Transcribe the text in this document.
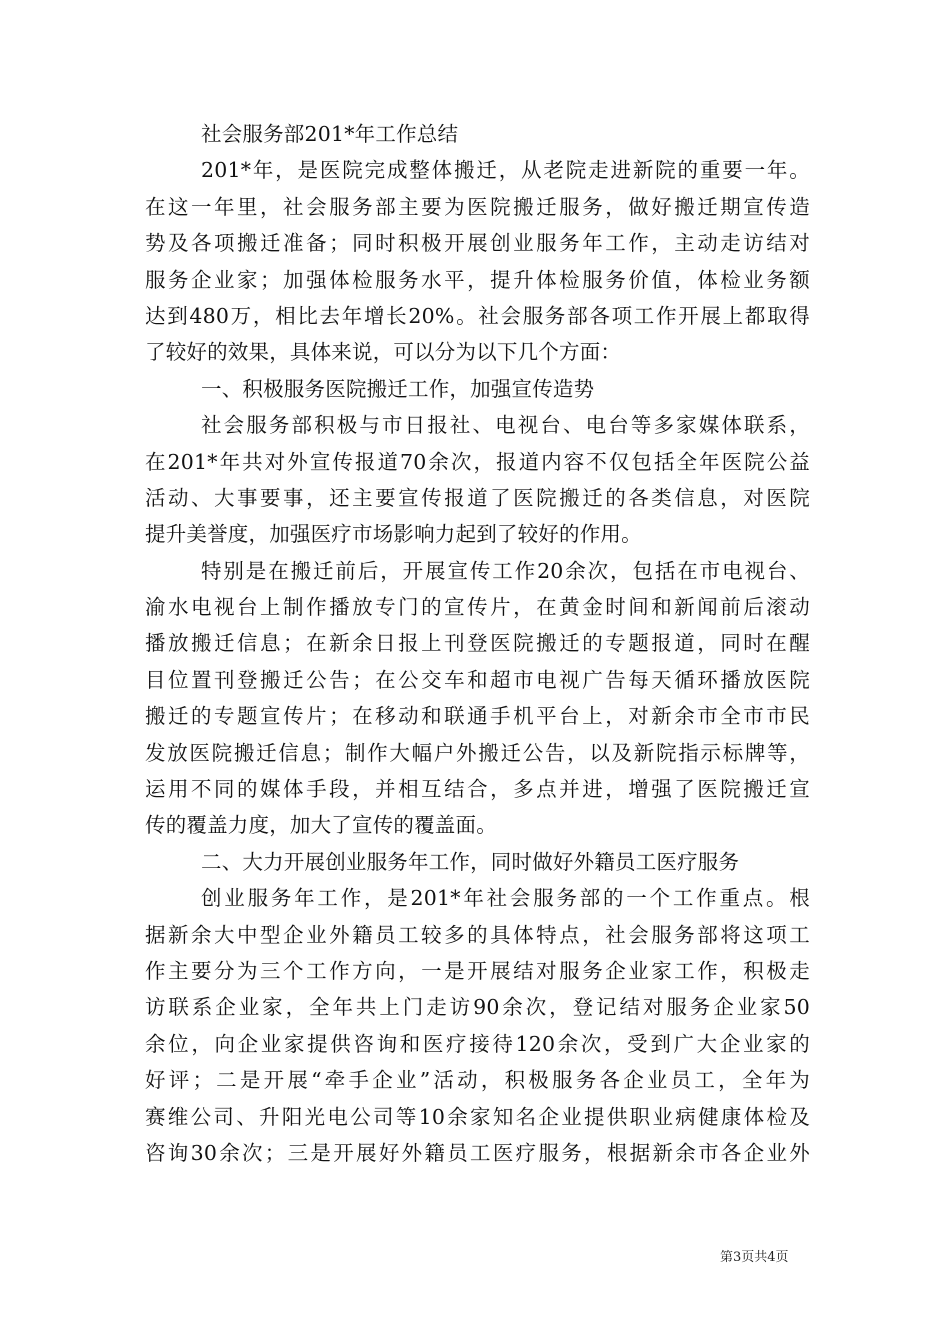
社会服务部201*年工作总结
201*年，是医院完成整体搬迁，从老院走进新院的重要一年。
在这一年里，社会服务部主要为医院搬迁服务，做好搬迁期宣传造
势及各项搬迁准备；同时积极开展创业服务年工作，主动走访结对
服务企业家；加强体检服务水平，提升体检服务价值，体检业务额
达到480万，相比去年增长20%。社会服务部各项工作开展上都取得
了较好的效果，具体来说，可以分为以下几个方面：
一、积极服务医院搬迁工作，加强宣传造势
社会服务部积极与市日报社、电视台、电台等多家媒体联系，
在201*年共对外宣传报道70余次，报道内容不仅包括全年医院公益
活动、大事要事，还主要宣传报道了医院搬迁的各类信息，对医院
提升美誉度，加强医疗市场影响力起到了较好的作用。
特别是在搬迁前后，开展宣传工作20余次，包括在市电视台、
渝水电视台上制作播放专门的宣传片，在黄金时间和新闻前后滚动
播放搬迁信息；在新余日报上刊登医院搬迁的专题报道，同时在醒
目位置刊登搬迁公告；在公交车和超市电视广告每天循环播放医院
搬迁的专题宣传片；在移动和联通手机平台上，对新余市全市市民
发放医院搬迁信息；制作大幅户外搬迁公告，以及新院指示标牌等，
运用不同的媒体手段，并相互结合，多点并进，增强了医院搬迁宣
传的覆盖力度，加大了宣传的覆盖面。
二、大力开展创业服务年工作，同时做好外籍员工医疗服务
创业服务年工作，是201*年社会服务部的一个工作重点。根
据新余大中型企业外籍员工较多的具体特点，社会服务部将这项工
作主要分为三个工作方向，一是开展结对服务企业家工作，积极走
访联系企业家，全年共上门走访90余次，登记结对服务企业家50
余位，向企业家提供咨询和医疗接待120余次，受到广大企业家的
好评；二是开展“牵手企业”活动，积极服务各企业员工，全年为
赛维公司、升阳光电公司等10余家知名企业提供职业病健康体检及
咨询30余次；三是开展好外籍员工医疗服务，根据新余市各企业外
第3页共4页
